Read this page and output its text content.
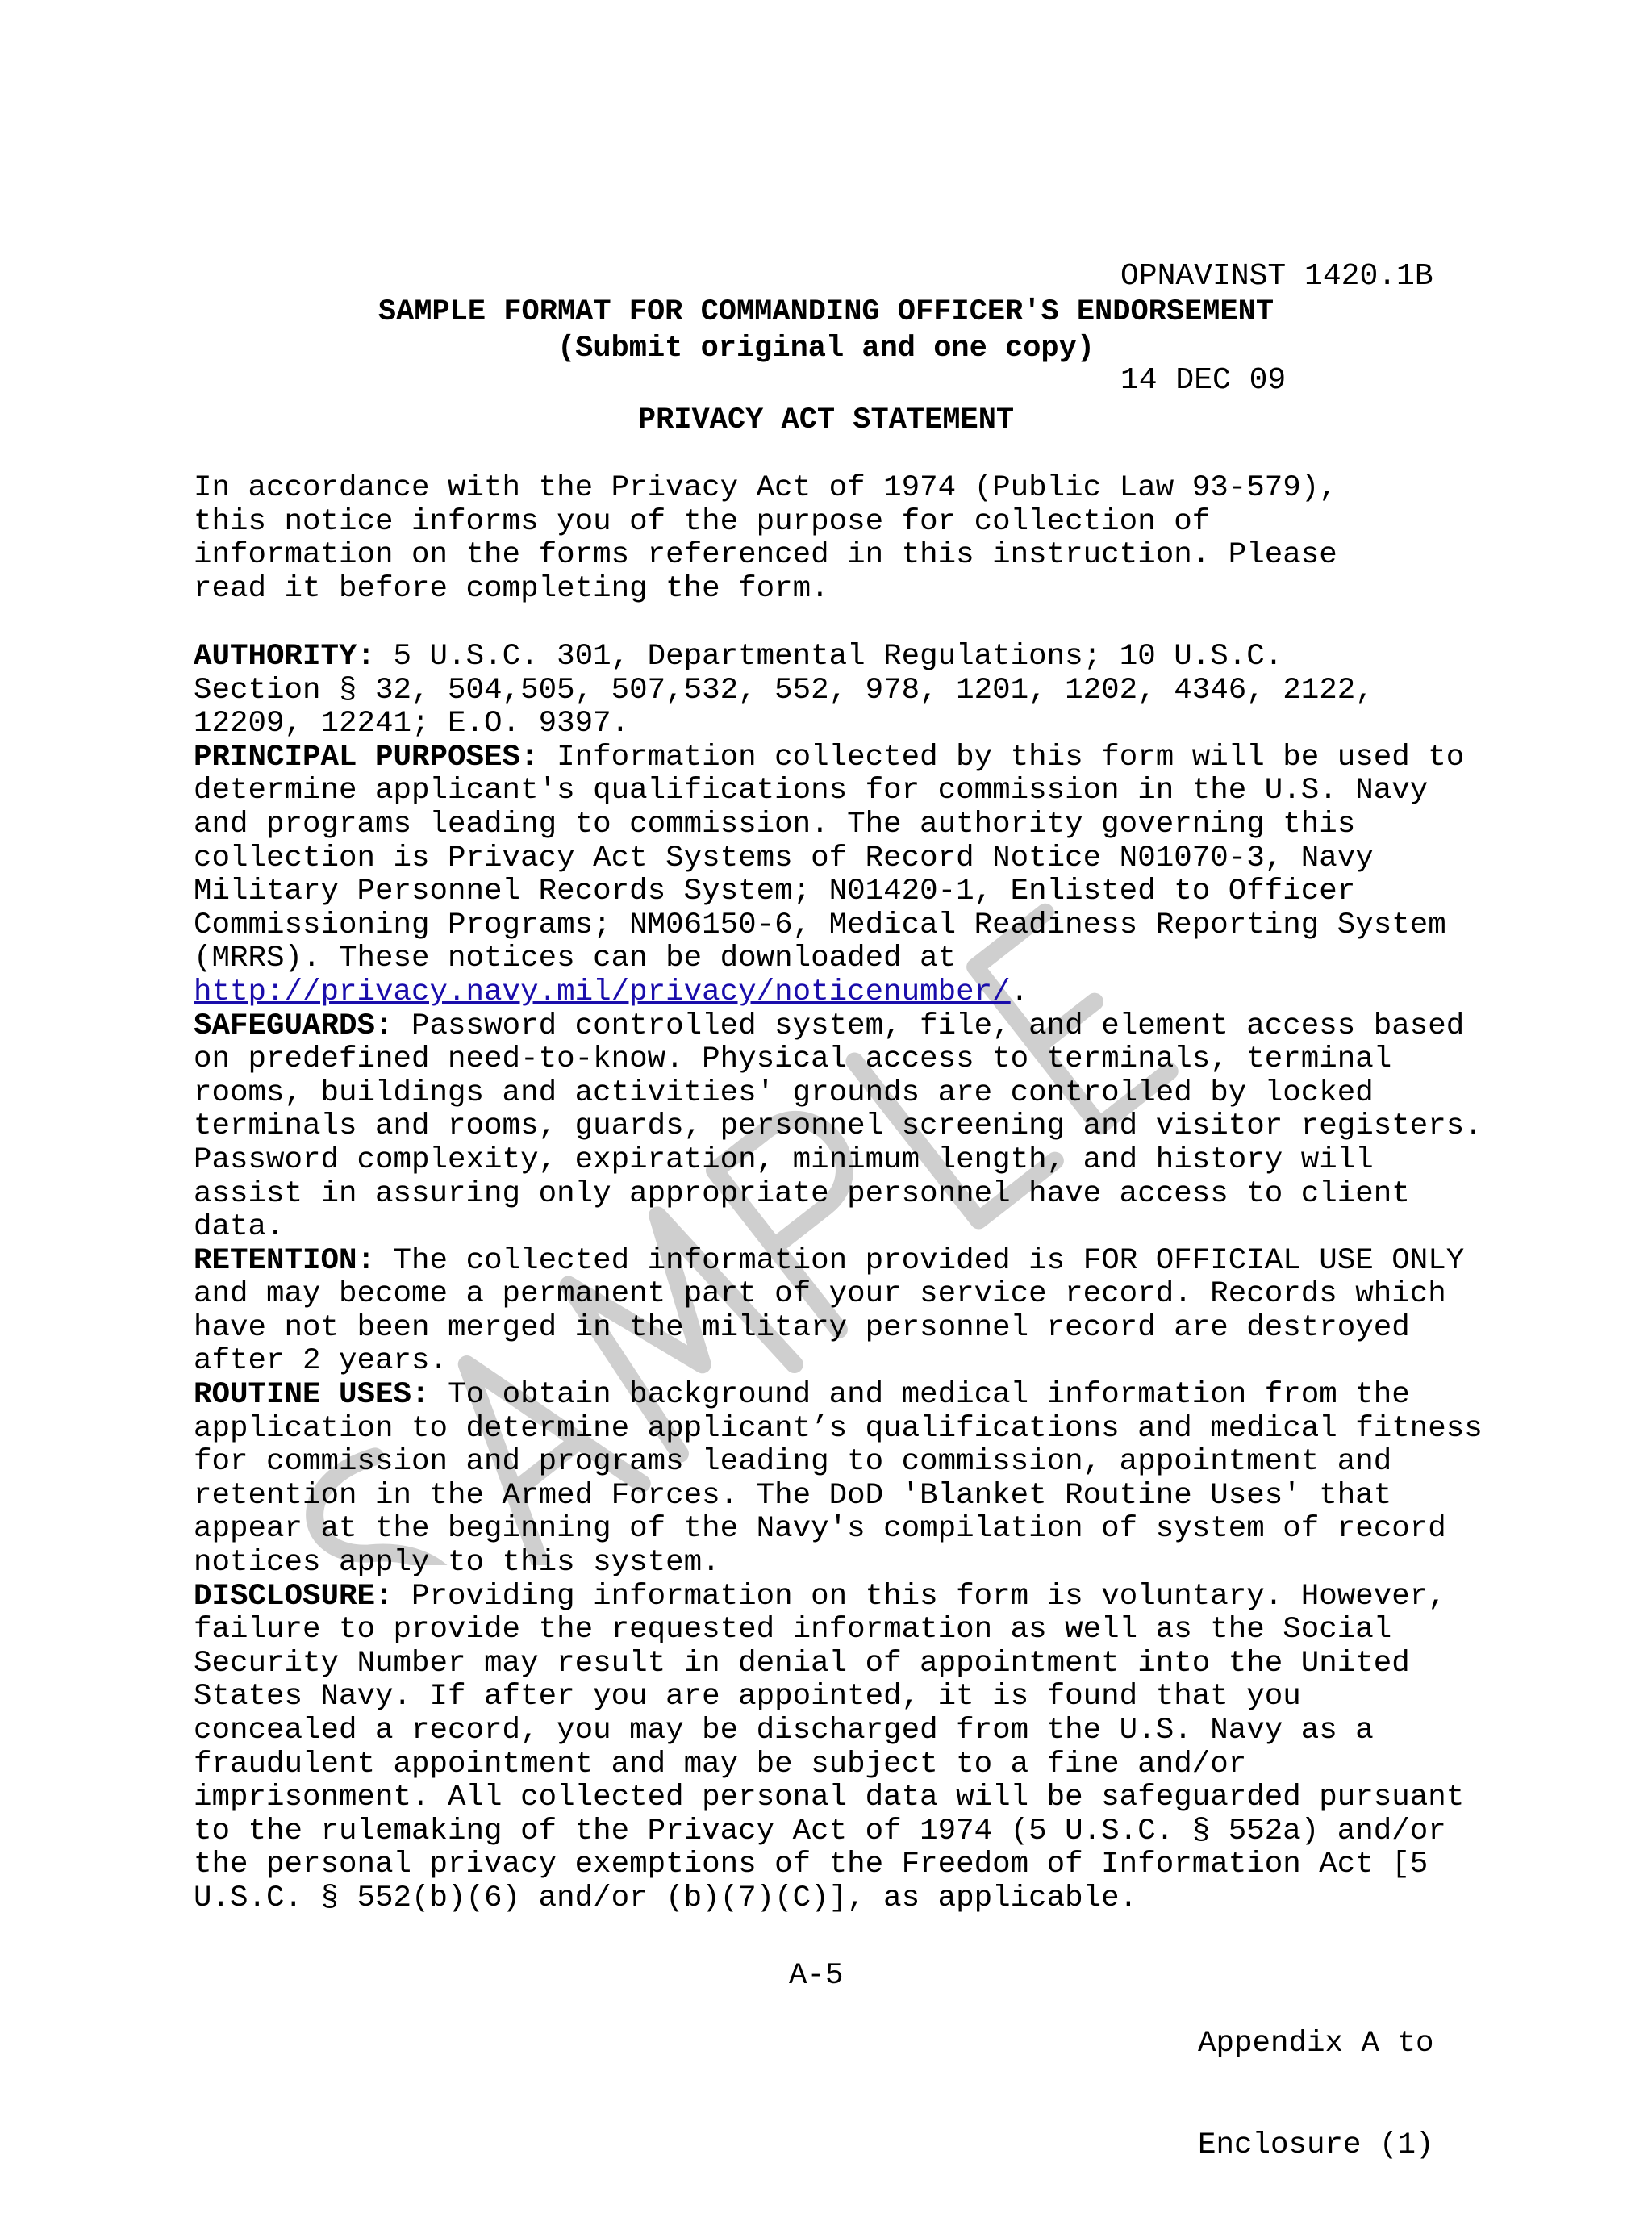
OPNAVINST 1420.1B

14 DEC 09

SAMPLE FORMAT FOR COMMANDING OFFICER'S ENDORSEMENT
(Submit original and one copy)
PRIVACY ACT STATEMENT
In accordance with the Privacy Act of 1974 (Public Law 93-579),
this notice informs you of the purpose for collection of
information on the forms referenced in this instruction. Please
read it before completing the form.

AUTHORITY: 5 U.S.C. 301, Departmental Regulations; 10 U.S.C.
Section § 32, 504,505, 507,532, 552, 978, 1201, 1202, 4346, 2122,
12209, 12241; E.O. 9397.

PRINCIPAL PURPOSES: Information collected by this form will be used to
determine applicant's qualifications for commission in the U.S. Navy
and programs leading to commission. The authority governing this
collection is Privacy Act Systems of Record Notice N01070-3, Navy
Military Personnel Records System; N01420-1, Enlisted to Officer
Commissioning Programs; NM06150-6, Medical Readiness Reporting System
(MRRS). These notices can be downloaded at
http://privacy.navy.mil/privacy/noticenumber/.

SAFEGUARDS: Password controlled system, file, and element access based
on predefined need-to-know. Physical access to terminals, terminal
rooms, buildings and activities' grounds are controlled by locked
terminals and rooms, guards, personnel screening and visitor registers.
Password complexity, expiration, minimum length, and history will
assist in assuring only appropriate personnel have access to client
data.

RETENTION: The collected information provided is FOR OFFICIAL USE ONLY
and may become a permanent part of your service record. Records which
have not been merged in the military personnel record are destroyed
after 2 years.

ROUTINE USES: To obtain background and medical information from the
application to determine applicant’s qualifications and medical fitness
for commission and programs leading to commission, appointment and
retention in the Armed Forces. The DoD 'Blanket Routine Uses' that
appear at the beginning of the Navy's compilation of system of record
notices apply to this system.

DISCLOSURE: Providing information on this form is voluntary. However,
failure to provide the requested information as well as the Social
Security Number may result in denial of appointment into the United
States Navy. If after you are appointed, it is found that you
concealed a record, you may be discharged from the U.S. Navy as a
fraudulent appointment and may be subject to a fine and/or
imprisonment. All collected personal data will be safeguarded pursuant
to the rulemaking of the Privacy Act of 1974 (5 U.S.C. § 552a) and/or
the personal privacy exemptions of the Freedom of Information Act [5
U.S.C. § 552(b)(6) and/or (b)(7)(C)], as applicable.

A-5

Appendix A to

Enclosure (1)
